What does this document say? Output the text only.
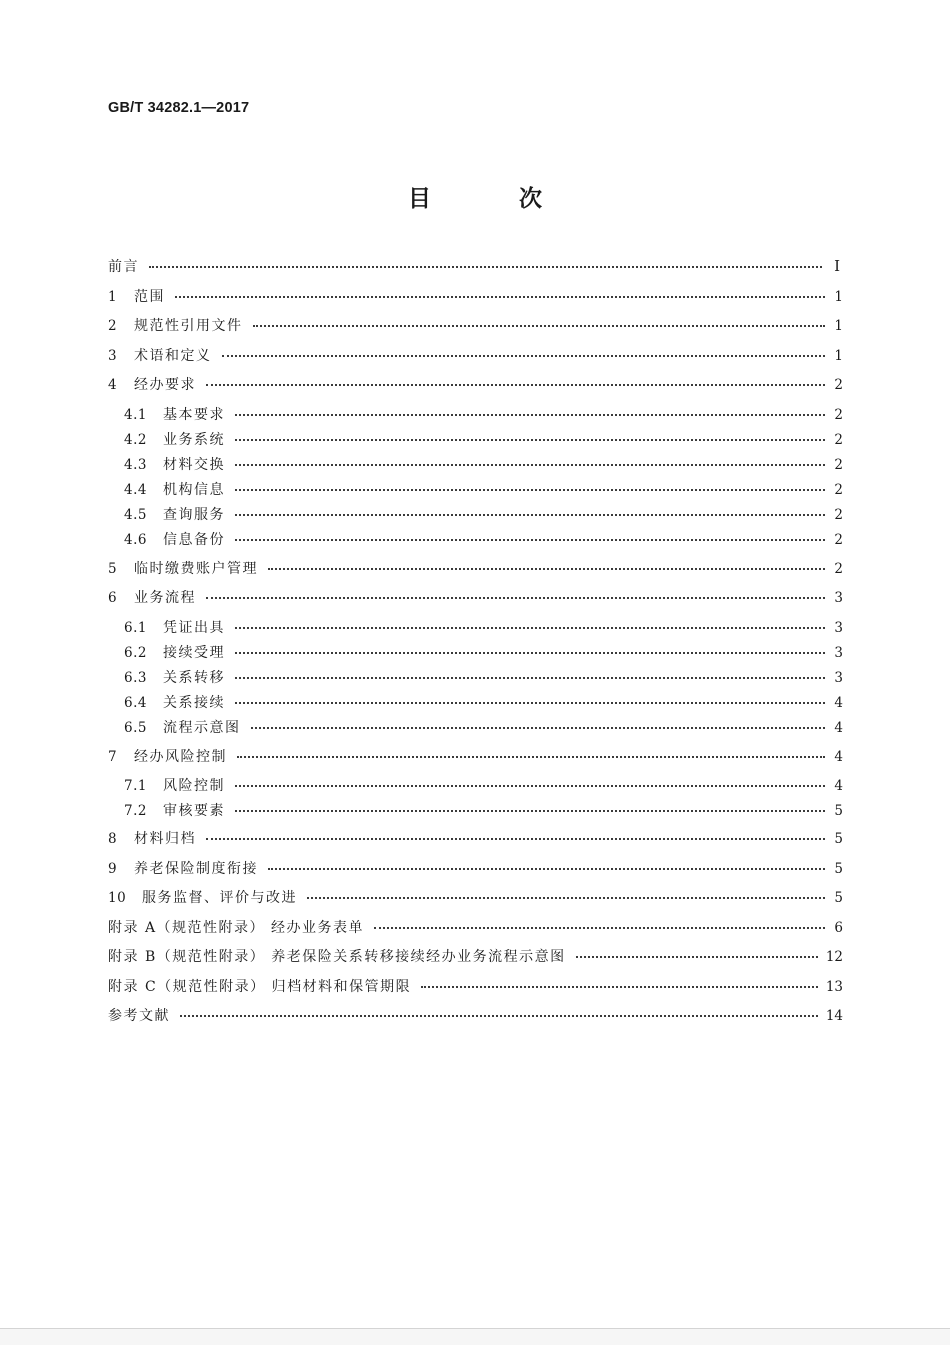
GB/T 34282.1—2017
目 次
前言	Ⅰ
1	范围	1
2	规范性引用文件	1
3	术语和定义	1
4	经办要求	2
4.1	基本要求	2
4.2	业务系统	2
4.3	材料交换	2
4.4	机构信息	2
4.5	查询服务	2
4.6	信息备份	2
5	临时缴费账户管理	2
6	业务流程	3
6.1	凭证出具	3
6.2	接续受理	3
6.3	关系转移	3
6.4	关系接续	4
6.5	流程示意图	4
7	经办风险控制	4
7.1	风险控制	4
7.2	审核要素	5
8	材料归档	5
9	养老保险制度衔接	5
10	服务监督、评价与改进	5
附录 A（规范性附录） 经办业务表单	6
附录 B（规范性附录） 养老保险关系转移接续经办业务流程示意图	12
附录 C（规范性附录） 归档材料和保管期限	13
参考文献	14
